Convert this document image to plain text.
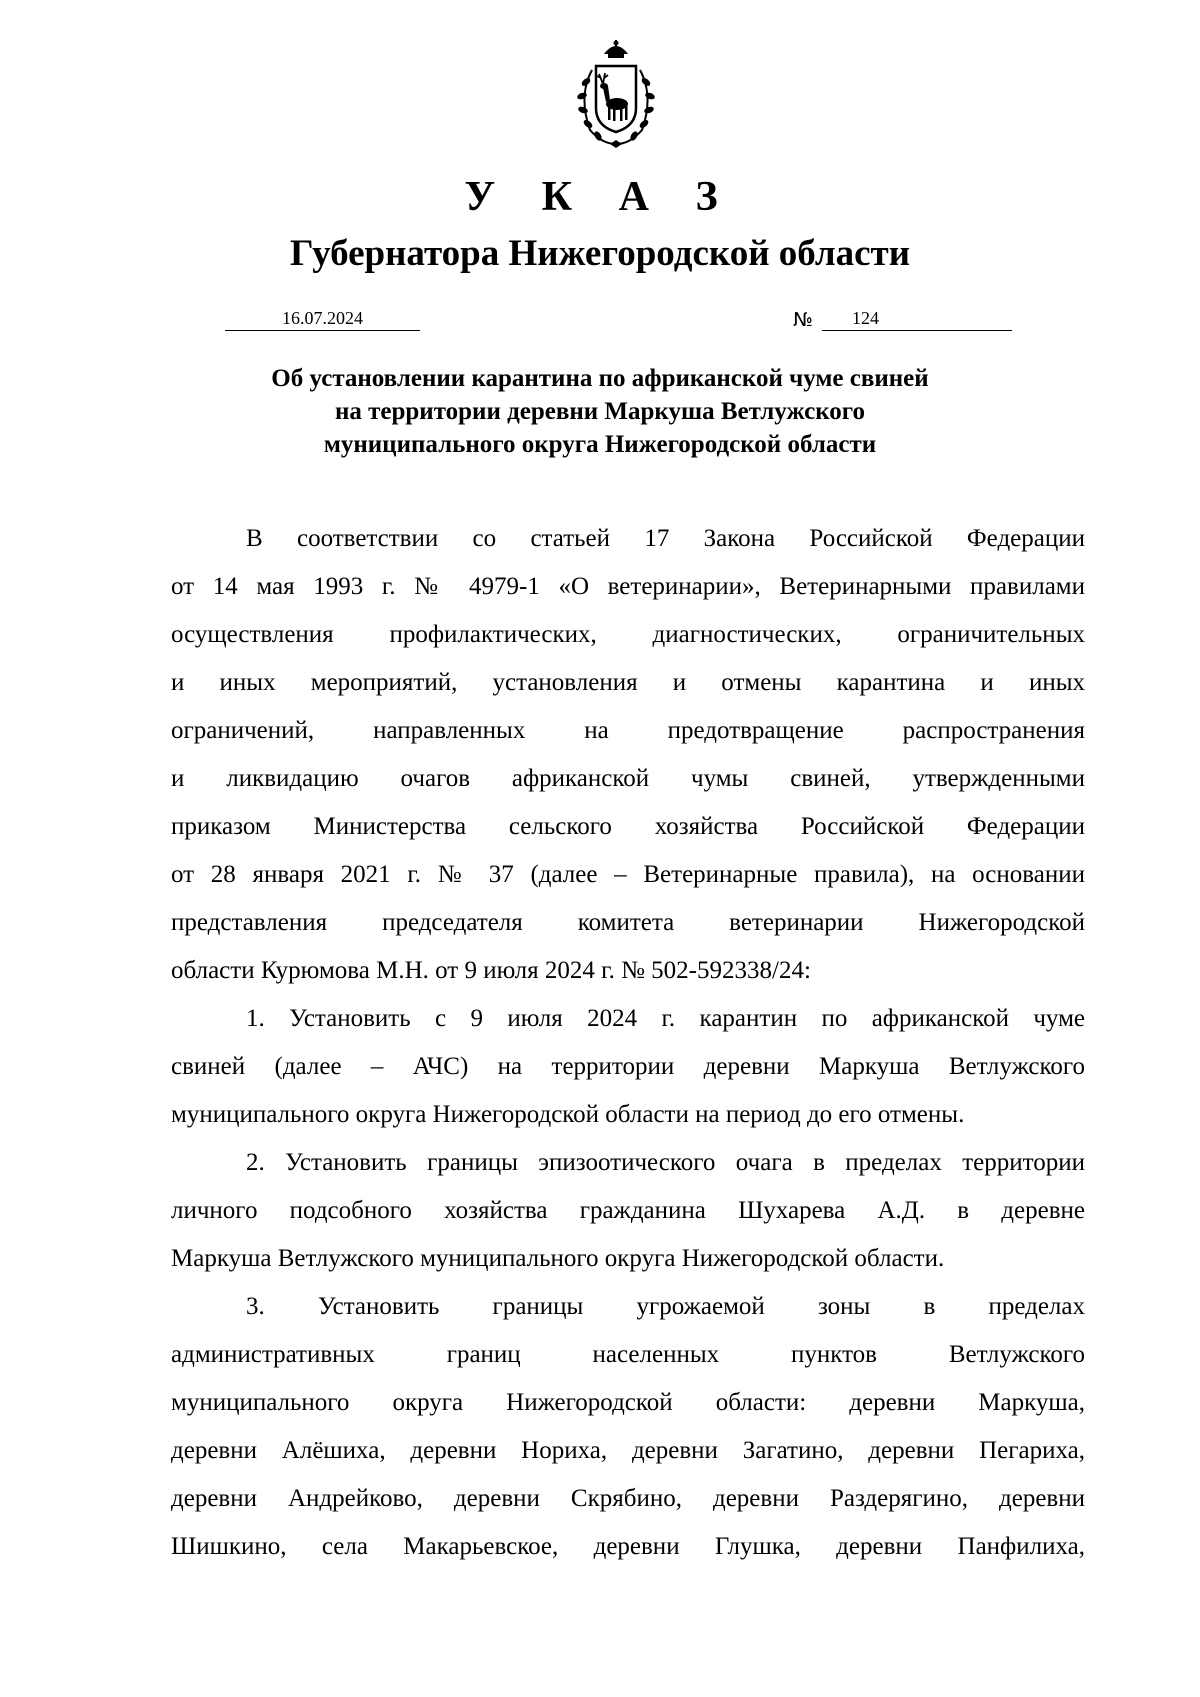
У К А З
Губернатора Нижегородской области
16.07.2024	№	124
Об установлении карантина по африканской чуме свиней
на территории деревни Маркуша Ветлужского
муниципального округа Нижегородской области
В соответствии со статьей 17 Закона Российской Федерации
от 14 мая 1993 г. № 4979-1 «О ветеринарии», Ветеринарными правилами
осуществления профилактических, диагностических, ограничительных
и иных мероприятий, установления и отмены карантина и иных
ограничений, направленных на предотвращение распространения
и ликвидацию очагов африканской чумы свиней, утвержденными
приказом Министерства сельского хозяйства Российской Федерации
от 28 января 2021 г. № 37 (далее – Ветеринарные правила), на основании
представления председателя комитета ветеринарии Нижегородской
области Курюмова М.Н. от 9 июля 2024 г. № 502-592338/24:
1. Установить с 9 июля 2024 г. карантин по африканской чуме
свиней (далее – АЧС) на территории деревни Маркуша Ветлужского
муниципального округа Нижегородской области на период до его отмены.
2. Установить границы эпизоотического очага в пределах территории
личного подсобного хозяйства гражданина Шухарева А.Д. в деревне
Маркуша Ветлужского муниципального округа Нижегородской области.
3. Установить границы угрожаемой зоны в пределах
административных границ населенных пунктов Ветлужского
муниципального округа Нижегородской области: деревни Маркуша,
деревни Алёшиха, деревни Нориха, деревни Загатино, деревни Пегариха,
деревни Андрейково, деревни Скрябино, деревни Раздерягино, деревни
Шишкино, села Макарьевское, деревни Глушка, деревни Панфилиха,
